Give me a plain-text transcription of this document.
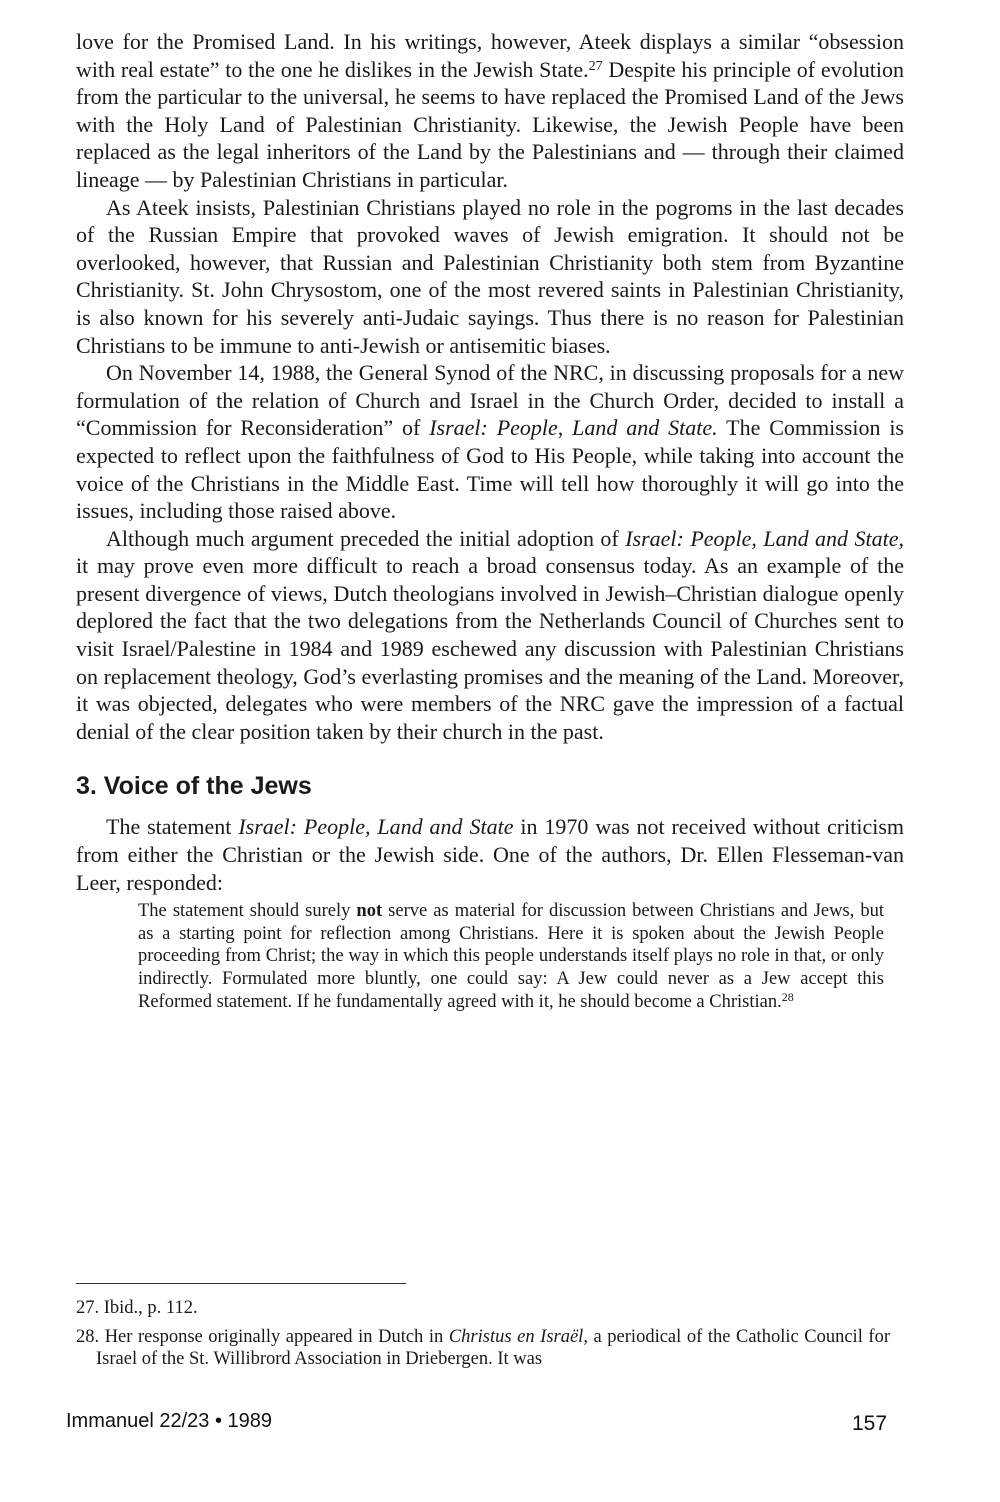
love for the Promised Land. In his writings, however, Ateek displays a similar “obsession with real estate” to the one he dislikes in the Jewish State.$^{27}$ Despite his principle of evolution from the particular to the universal, he seems to have replaced the Promised Land of the Jews with the Holy Land of Palestinian Christianity. Likewise, the Jewish People have been replaced as the legal inheritors of the Land by the Palestinians and — through their claimed lineage — by Palestinian Christians in particular.

As Ateek insists, Palestinian Christians played no role in the pogroms in the last decades of the Russian Empire that provoked waves of Jewish emigration. It should not be overlooked, however, that Russian and Palestinian Christianity both stem from Byzantine Christianity. St. John Chrysostom, one of the most revered saints in Palestinian Christianity, is also known for his severely anti-Judaic sayings. Thus there is no reason for Palestinian Christians to be immune to anti-Jewish or antisemitic biases.

On November 14, 1988, the General Synod of the NRC, in discussing proposals for a new formulation of the relation of Church and Israel in the Church Order, decided to install a “Commission for Reconsideration” of Israel: People, Land and State. The Commission is expected to reflect upon the faithfulness of God to His People, while taking into account the voice of the Christians in the Middle East. Time will tell how thoroughly it will go into the issues, including those raised above.

Although much argument preceded the initial adoption of Israel: People, Land and State, it may prove even more difficult to reach a broad consensus today. As an example of the present divergence of views, Dutch theologians involved in Jewish–Christian dialogue openly deplored the fact that the two delegations from the Netherlands Council of Churches sent to visit Israel/Palestine in 1984 and 1989 eschewed any discussion with Palestinian Christians on replacement theology, God’s everlasting promises and the meaning of the Land. Moreover, it was objected, delegates who were members of the NRC gave the impression of a factual denial of the clear position taken by their church in the past.

3. Voice of the Jews

The statement Israel: People, Land and State in 1970 was not received without criticism from either the Christian or the Jewish side. One of the authors, Dr. Ellen Flesseman-van Leer, responded:

The statement should surely not serve as material for discussion between Christians and Jews, but as a starting point for reflection among Christians. Here it is spoken about the Jewish People proceeding from Christ; the way in which this people understands itself plays no role in that, or only indirectly. Formulated more bluntly, one could say: A Jew could never as a Jew accept this Reformed statement. If he fundamentally agreed with it, he should become a Christian.$^{28}$

27. Ibid., p. 112.

28. Her response originally appeared in Dutch in Christus en Israël, a periodical of the Catholic Council for Israel of the St. Willibrord Association in Driebergen. It was

Immanuel 22/23 • 1989	157
